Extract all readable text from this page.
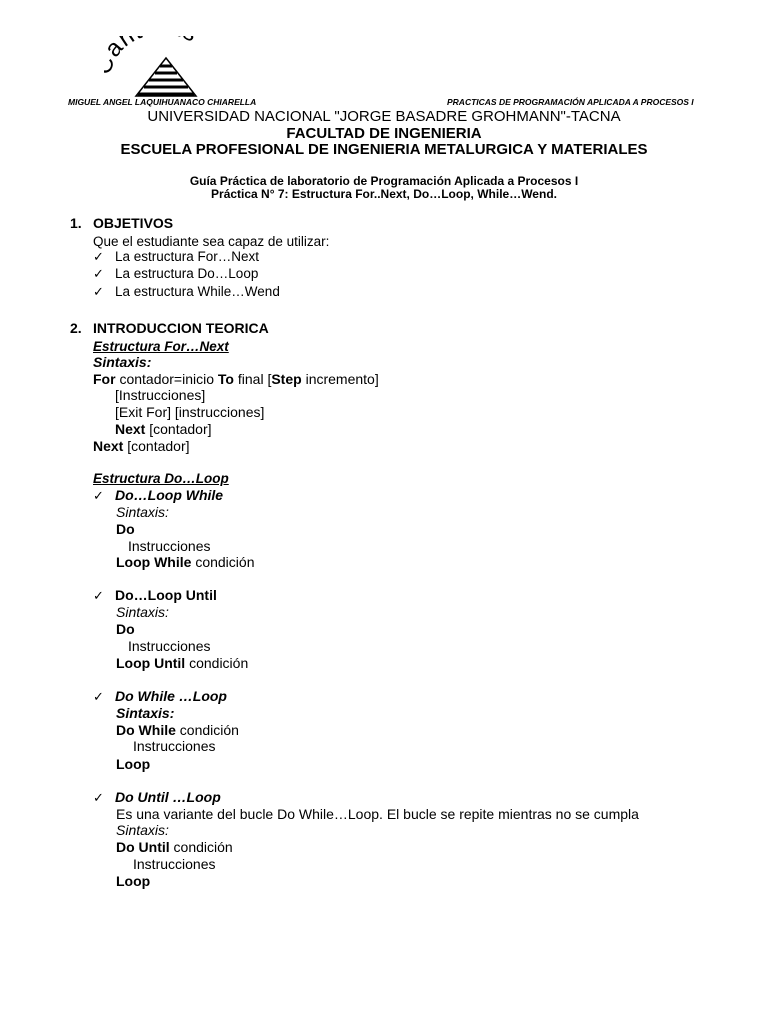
n
MIGUEL ANGEL LAQUIHUANACO CHIARELLA	PRACTICAS DE PROGRAMACIÓN APLICADA A PROCESOS I
UNIVERSIDAD NACIONAL "JORGE BASADRE GROHMANN"-TACNA
FACULTAD DE INGENIERIA
ESCUELA PROFESIONAL DE INGENIERIA METALURGICA Y MATERIALES
Guía Práctica de laboratorio de Programación Aplicada a Procesos I
Práctica N° 7: Estructura For..Next, Do…Loop, While…Wend.
1. OBJETIVOS
Que el estudiante sea capaz de utilizar:
✓ La estructura For…Next
✓ La estructura Do…Loop
✓ La estructura While…Wend
2. INTRODUCCION TEORICA
Estructura For…Next
Sintaxis:
For contador=inicio To final [Step incremento]
[Instrucciones]
[Exit For] [instrucciones]
Next [contador]
Next [contador]
Estructura Do…Loop
✓ Do…Loop While
Sintaxis:
Do
Instrucciones
Loop While condición
✓ Do…Loop Until
Sintaxis:
Do
Instrucciones
Loop Until condición
✓ Do While …Loop
Sintaxis:
Do While condición
Instrucciones
Loop
✓ Do Until …Loop
Es una variante del bucle Do While…Loop. El bucle se repite mientras no se cumpla
Sintaxis:
Do Until condición
Instrucciones
Loop
